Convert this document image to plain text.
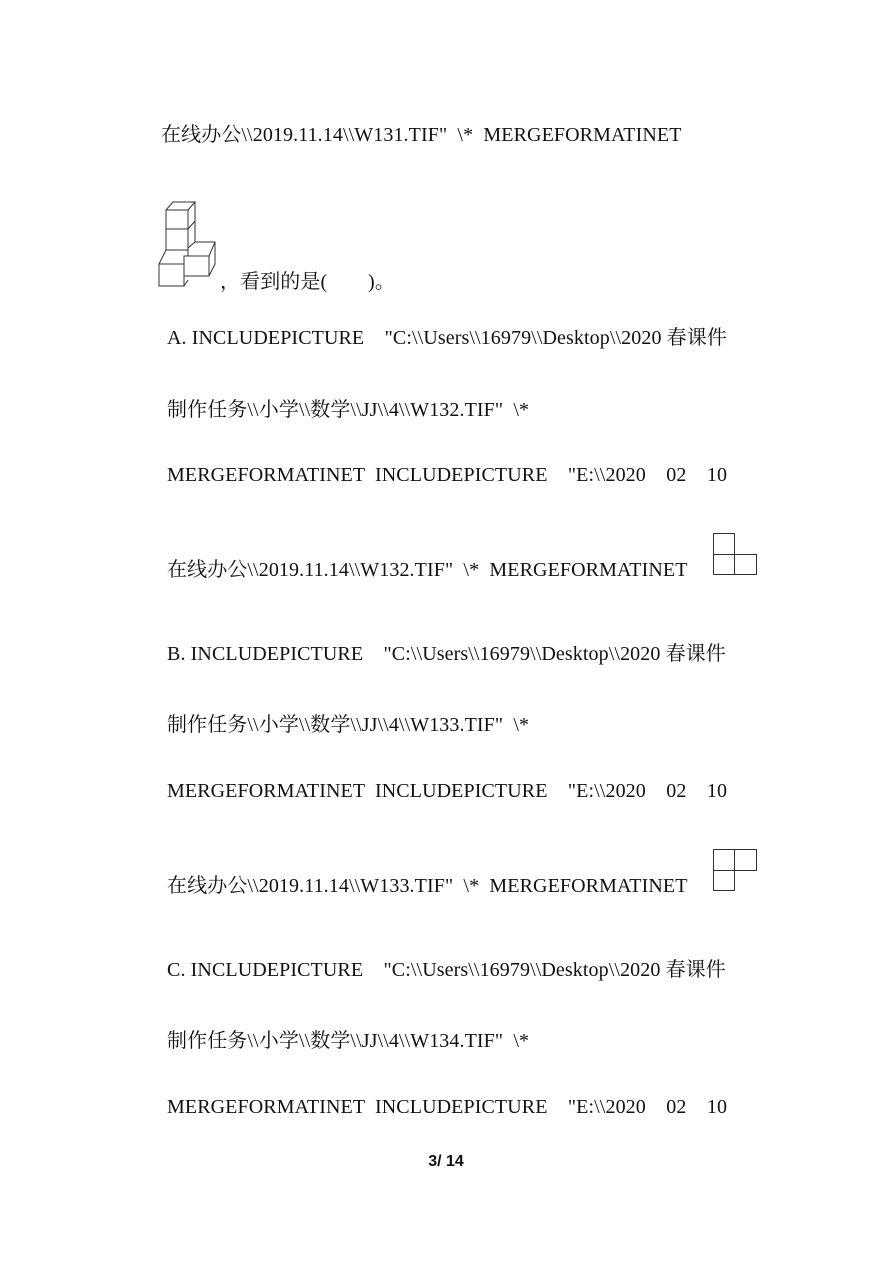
在线办公\\2019.11.14\\W131.TIF"  \*  MERGEFORMATINET
，看到的是(        )。
A. INCLUDEPICTURE    "C:\\Users\\16979\\Desktop\\2020 春课件
制作任务\\小学\\数学\\JJ\\4\\W132.TIF"  \*
MERGEFORMATINET  INCLUDEPICTURE    "E:\\2020    02    10
在线办公\\2019.11.14\\W132.TIF"  \*  MERGEFORMATINET
B. INCLUDEPICTURE    "C:\\Users\\16979\\Desktop\\2020 春课件
制作任务\\小学\\数学\\JJ\\4\\W133.TIF"  \*
MERGEFORMATINET  INCLUDEPICTURE    "E:\\2020    02    10
在线办公\\2019.11.14\\W133.TIF"  \*  MERGEFORMATINET
C. INCLUDEPICTURE    "C:\\Users\\16979\\Desktop\\2020 春课件
制作任务\\小学\\数学\\JJ\\4\\W134.TIF"  \*
MERGEFORMATINET  INCLUDEPICTURE    "E:\\2020    02    10
3/ 14
